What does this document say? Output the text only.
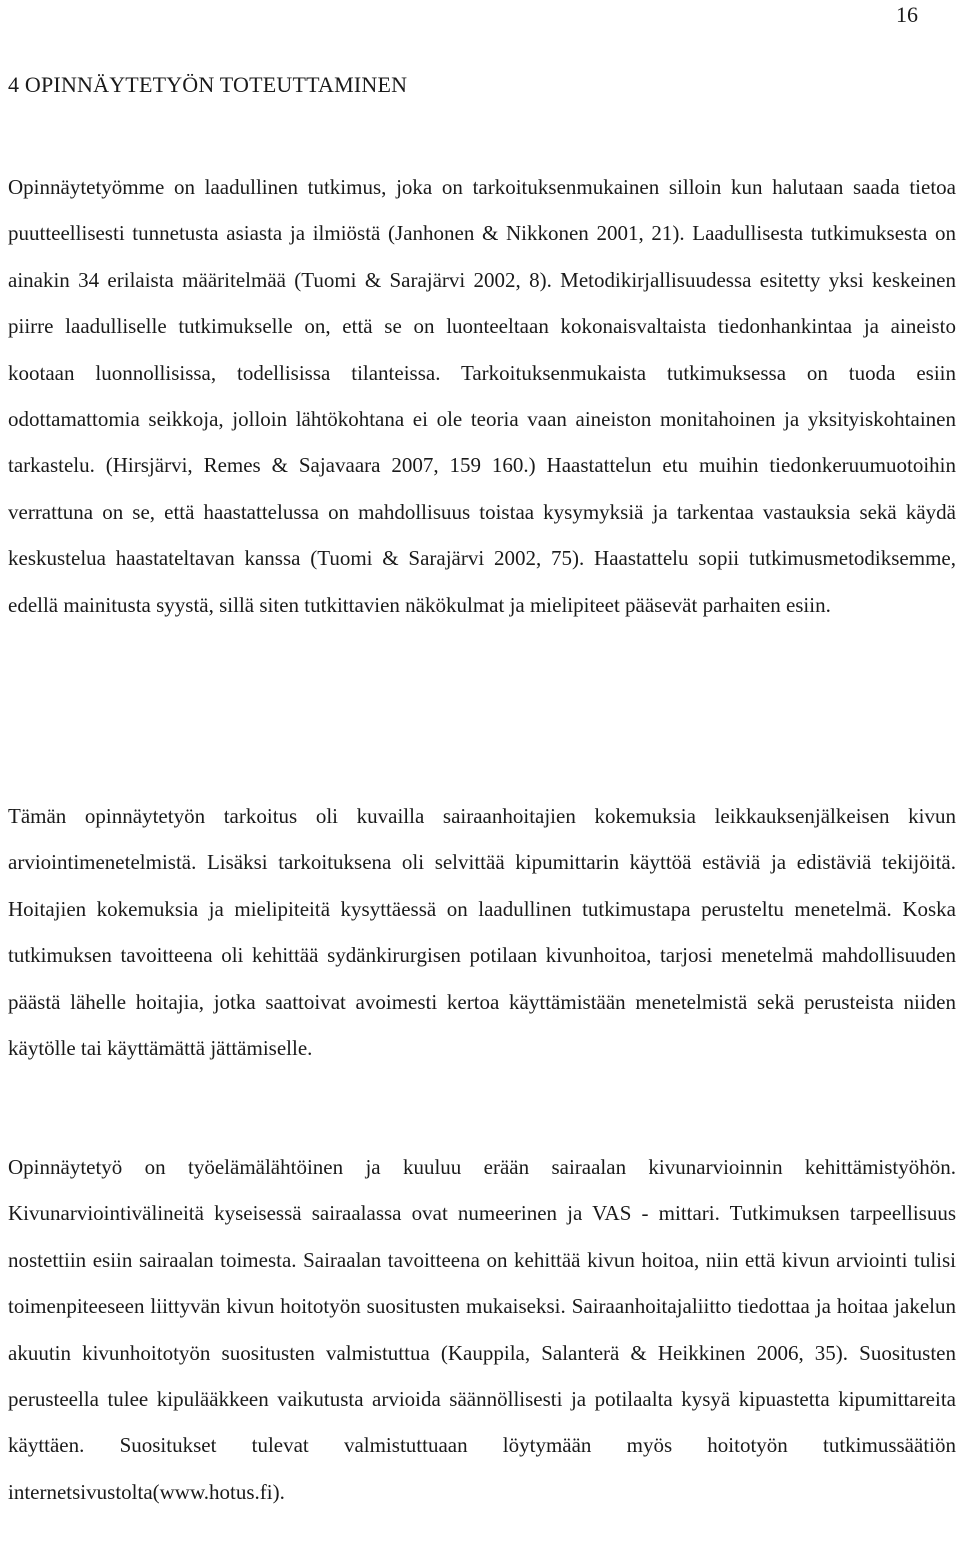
16
4 OPINNÄYTETYÖN TOTEUTTAMINEN

Opinnäytetyömme on laadullinen tutkimus, joka on tarkoituksenmukainen silloin kun halutaan saada tietoa puutteellisesti tunnetusta asiasta ja ilmiöstä (Janhonen & Nikkonen 2001, 21). Laadullisesta tutkimuksesta on ainakin 34 erilaista määritelmää (Tuomi & Sarajärvi 2002, 8). Metodikirjallisuudessa esitetty yksi keskeinen piirre laadulliselle tutkimukselle on, että se on luonteeltaan kokonaisvaltaista tiedonhankintaa ja aineisto kootaan luonnollisissa, todellisissa tilanteissa. Tarkoituksenmukaista tutkimuksessa on tuoda esiin odottamattomia seikkoja, jolloin lähtökohtana ei ole teoria vaan aineiston monitahoinen ja yksityiskohtainen tarkastelu. (Hirsjärvi, Remes & Sajavaara 2007, 159 160.) Haastattelun etu muihin tiedonkeruumuotoihin verrattuna on se, että haastattelussa on mahdollisuus toistaa kysymyksiä ja tarkentaa vastauksia sekä käydä keskustelua haastateltavan kanssa (Tuomi & Sarajärvi 2002, 75). Haastattelu sopii tutkimusmetodiksemme, edellä mainitusta syystä, sillä siten tutkittavien näkökulmat ja mielipiteet pääsevät parhaiten esiin.

Tämän opinnäytetyön tarkoitus oli kuvailla sairaanhoitajien kokemuksia leikkauksenjälkeisen kivun arviointimenetelmistä. Lisäksi tarkoituksena oli selvittää kipumittarin käyttöä estäviä ja edistäviä tekijöitä. Hoitajien kokemuksia ja mielipiteitä kysyttäessä on laadullinen tutkimustapa perusteltu menetelmä. Koska tutkimuksen tavoitteena oli kehittää sydänkirurgisen potilaan kivunhoitoa, tarjosi menetelmä mahdollisuuden päästä lähelle hoitajia, jotka saattoivat avoimesti kertoa käyttämistään menetelmistä sekä perusteista niiden käytölle tai käyttämättä jättämiselle.

Opinnäytetyö on työelämälähtöinen ja kuuluu erään sairaalan kivunarvioinnin kehittämistyöhön. Kivunarviointivälineitä kyseisessä sairaalassa ovat numeerinen ja VAS - mittari. Tutkimuksen tarpeellisuus nostettiin esiin sairaalan toimesta. Sairaalan tavoitteena on kehittää kivun hoitoa, niin että kivun arviointi tulisi toimenpiteeseen liittyvän kivun hoitotyön suositusten mukaiseksi. Sairaanhoitajaliitto tiedottaa ja hoitaa jakelun akuutin kivunhoitotyön suositusten valmistuttua (Kauppila, Salanterä & Heikkinen 2006, 35). Suositusten perusteella tulee kipulääkkeen vaikutusta arvioida säännöllisesti ja potilaalta kysyä kipuastetta kipumittareita käyttäen. Suositukset tulevat valmistuttuaan löytymään myös hoitotyön tutkimussäätiön internetsivustolta(www.hotus.fi).
